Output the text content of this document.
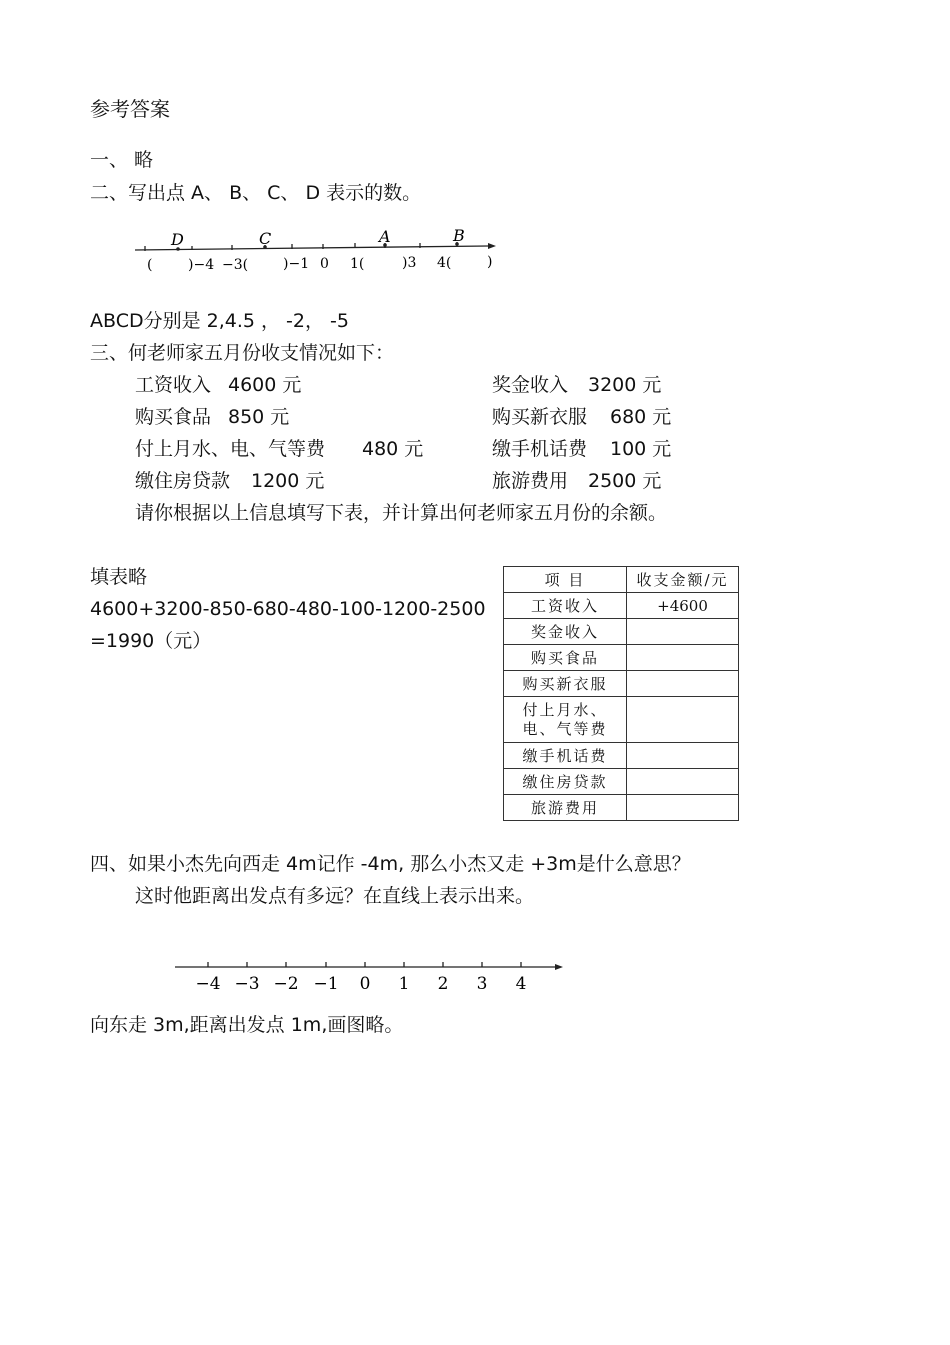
参考答案
一、 略
二、写出点 A、 B、 C、 D 表示的数。
D	C	A	B
(	)−4 −3( )−1 0 1(	)3 4(	)
ABCD分别是 2,4.5 ， -2， -5
三、何老师家五月份收支情况如下：
工资收入 4600 元	奖金收入 3200 元
购买食品 850 元	购买新衣服 680 元
付上月水、电、气等费 480 元	缴手机话费 100 元
缴住房贷款 1200 元	旅游费用 2500 元
请你根据以上信息填写下表，并计算出何老师家五月份的余额。
填表略
4600+3200-850-680-480-100-1200-2500
=1990（元）
项 目	收支金额/元
工资收入	+4600
奖金收入	
购买食品	
购买新衣服	

付上月水、
电、气等费	

缴手机话费	
缴住房贷款	
旅游费用	
四、如果小杰先向西走 4m记作 -4m, 那么小杰又走 +3m是什么意思？
这时他距离出发点有多远？在直线上表示出来。
−4 −3 −2 −1 0 1 2 3 4
向东走 3m,距离出发点 1m,画图略。
